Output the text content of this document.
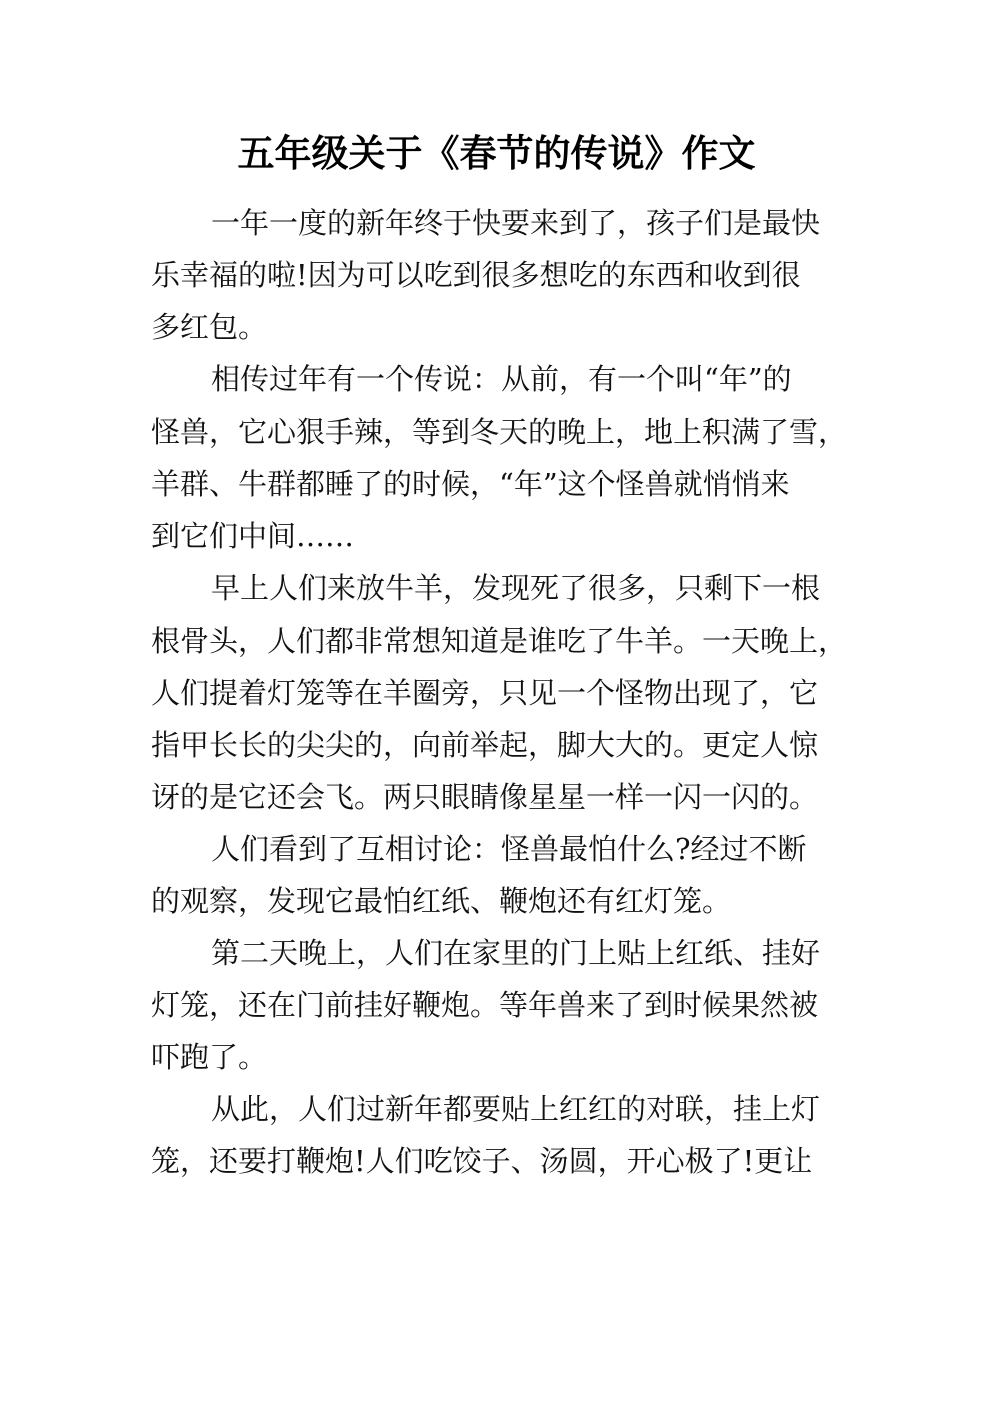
五年级关于《春节的传说》作文

一年一度的新年终于快要来到了，孩子们是最快

乐幸福的啦!因为可以吃到很多想吃的东西和收到很

多红包。

相传过年有一个传说：从前，有一个叫“年”的

怪兽，它心狠手辣，等到冬天的晚上，地上积满了雪，

羊群、牛群都睡了的时候，“年”这个怪兽就悄悄来

到它们中间……

早上人们来放牛羊，发现死了很多，只剩下一根

根骨头，人们都非常想知道是谁吃了牛羊。一天晚上，

人们提着灯笼等在羊圈旁，只见一个怪物出现了，它

指甲长长的尖尖的，向前举起，脚大大的。更定人惊

讶的是它还会飞。两只眼睛像星星一样一闪一闪的。

人们看到了互相讨论：怪兽最怕什么?经过不断

的观察，发现它最怕红纸、鞭炮还有红灯笼。

第二天晚上，人们在家里的门上贴上红纸、挂好

灯笼，还在门前挂好鞭炮。等年兽来了到时候果然被

吓跑了。

从此，人们过新年都要贴上红红的对联，挂上灯

笼，还要打鞭炮!人们吃饺子、汤圆，开心极了!更让
